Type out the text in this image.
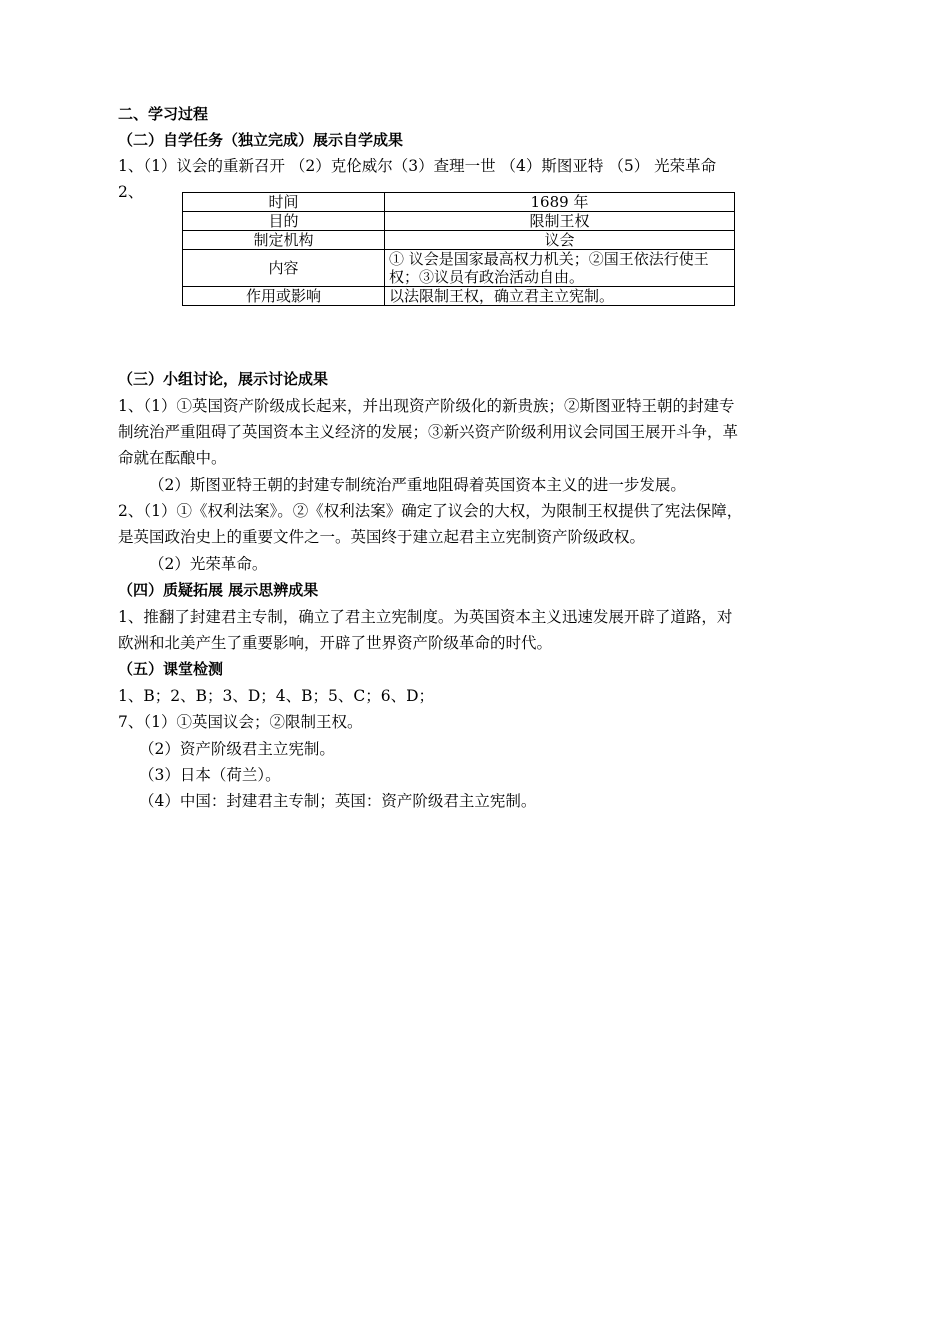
二、学习过程
（二）自学任务（独立完成）展示自学成果
1、（1）议会的重新召开 （2）克伦威尔（3）查理一世 （4）斯图亚特 （5） 光荣革命
2、
时间	1689 年
目的	限制王权
制定机构	议会
内容	① 议会是国家最高权力机关；②国王依法行使王权；③议员有政治活动自由。
作用或影响	以法限制王权，确立君主立宪制。
（三）小组讨论，展示讨论成果
1、（1）①英国资产阶级成长起来，并出现资产阶级化的新贵族；②斯图亚特王朝的封建专
制统治严重阻碍了英国资本主义经济的发展；③新兴资产阶级利用议会同国王展开斗争，革
命就在酝酿中。
（2）斯图亚特王朝的封建专制统治严重地阻碍着英国资本主义的进一步发展。
2、（1）①《权利法案》。②《权利法案》确定了议会的大权，为限制王权提供了宪法保障，
是英国政治史上的重要文件之一。英国终于建立起君主立宪制资产阶级政权。
（2）光荣革命。
（四）质疑拓展 展示思辨成果
1、推翻了封建君主专制，确立了君主立宪制度。为英国资本主义迅速发展开辟了道路，对
欧洲和北美产生了重要影响，开辟了世界资产阶级革命的时代。
（五）课堂检测
1、B；2、B；3、D；4、B；5、C；6、D；
7、（1）①英国议会；②限制王权。
（2）资产阶级君主立宪制。
（3）日本（荷兰）。
（4）中国：封建君主专制；英国：资产阶级君主立宪制。
